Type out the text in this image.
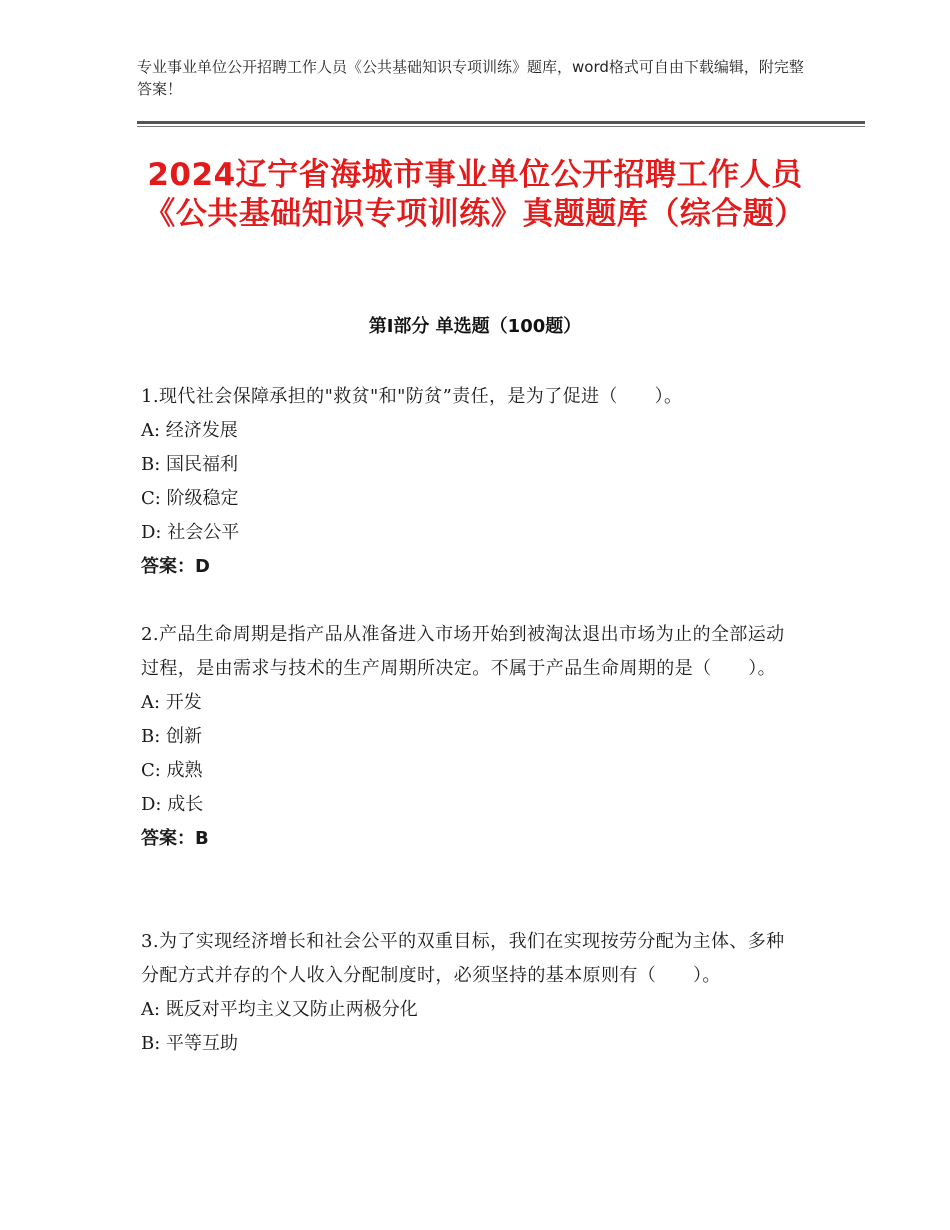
专业事业单位公开招聘工作人员《公共基础知识专项训练》题库，word格式可自由下载编辑，附完整答案！
2024辽宁省海城市事业单位公开招聘工作人员《公共基础知识专项训练》真题题库（综合题）
第Ⅰ部分 单选题（100题）
1.现代社会保障承担的"救贫"和"防贫”责任，是为了促进（　　）。
A: 经济发展
B: 国民福利
C: 阶级稳定
D: 社会公平
答案：D
2.产品生命周期是指产品从准备进入市场开始到被淘汰退出市场为止的全部运动过程，是由需求与技术的生产周期所决定。不属于产品生命周期的是（　　）。
A: 开发
B: 创新
C: 成熟
D: 成长
答案：B
3.为了实现经济增长和社会公平的双重目标，我们在实现按劳分配为主体、多种分配方式并存的个人收入分配制度时，必须坚持的基本原则有（　　）。
A: 既反对平均主义又防止两极分化
B: 平等互助
